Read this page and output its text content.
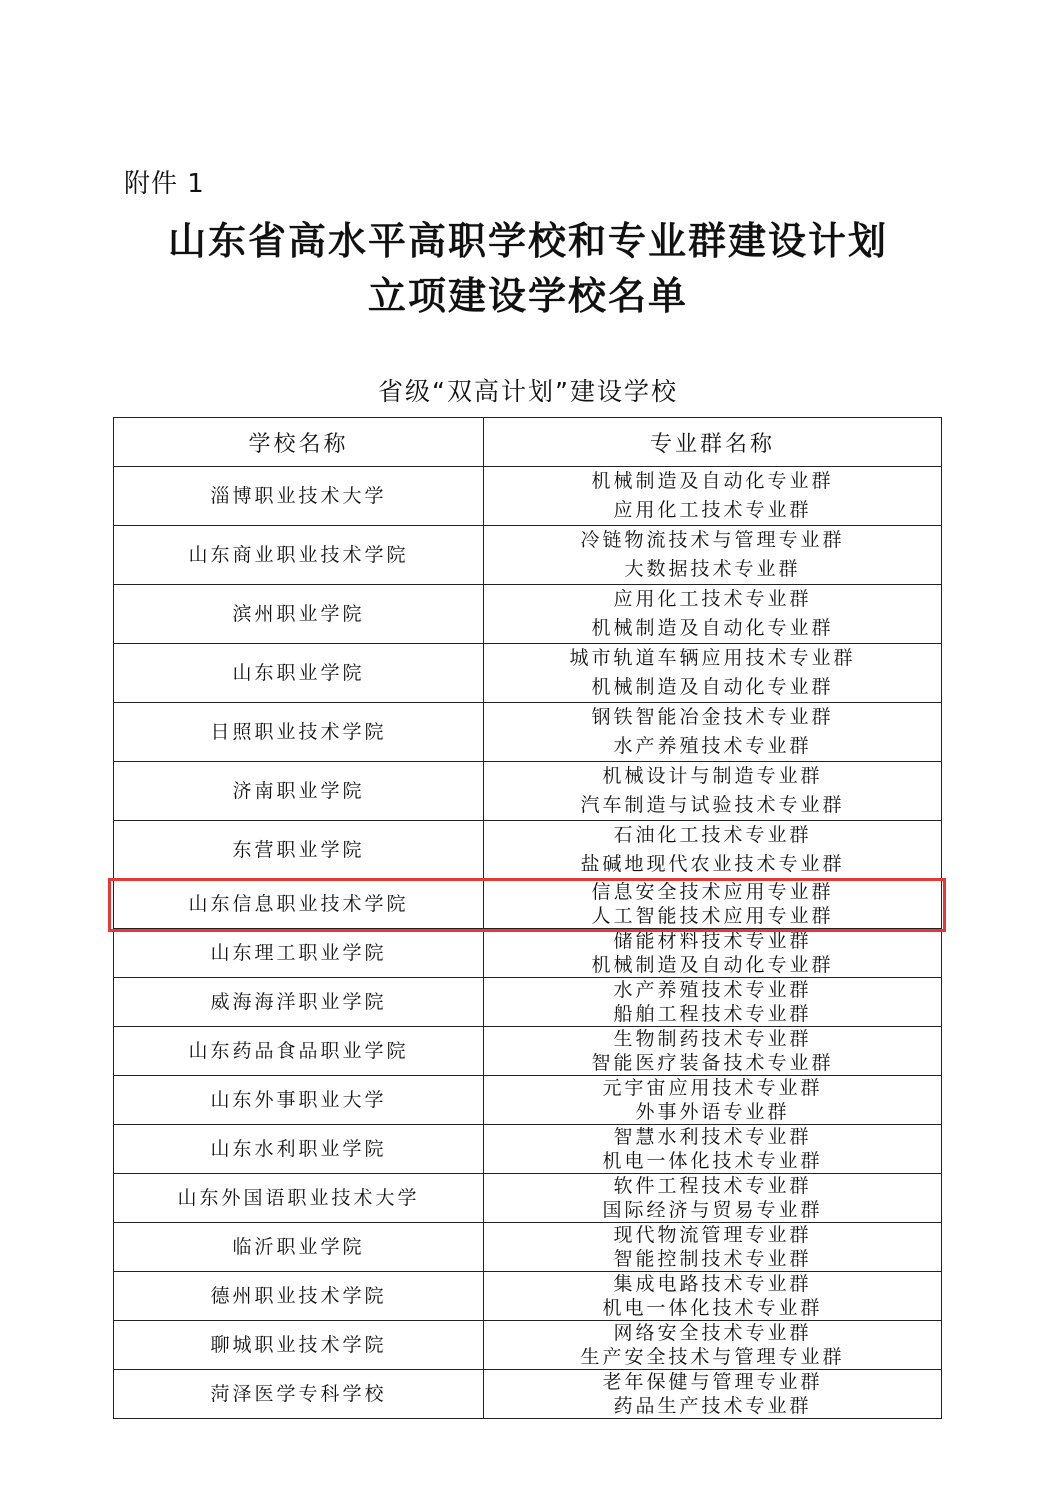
附件 1
山东省高水平高职学校和专业群建设计划
立项建设学校名单
省级“双高计划”建设学校
学校名称	专业群名称
淄博职业技术大学	机械制造及自动化专业群
应用化工技术专业群

山东商业职业技术学院	冷链物流技术与管理专业群
大数据技术专业群

滨州职业学院	应用化工技术专业群
机械制造及自动化专业群

山东职业学院	城市轨道车辆应用技术专业群
机械制造及自动化专业群

日照职业技术学院	钢铁智能冶金技术专业群
水产养殖技术专业群

济南职业学院	机械设计与制造专业群
汽车制造与试验技术专业群

东营职业学院	石油化工技术专业群
盐碱地现代农业技术专业群

山东信息职业技术学院	信息安全技术应用专业群
人工智能技术应用专业群

山东理工职业学院	储能材料技术专业群
机械制造及自动化专业群

威海海洋职业学院	水产养殖技术专业群
船舶工程技术专业群

山东药品食品职业学院	生物制药技术专业群
智能医疗装备技术专业群

山东外事职业大学	元宇宙应用技术专业群
外事外语专业群

山东水利职业学院	智慧水利技术专业群
机电一体化技术专业群

山东外国语职业技术大学	软件工程技术专业群
国际经济与贸易专业群

临沂职业学院	现代物流管理专业群
智能控制技术专业群

德州职业技术学院	集成电路技术专业群
机电一体化技术专业群

聊城职业技术学院	网络安全技术专业群
生产安全技术与管理专业群

菏泽医学专科学校	老年保健与管理专业群
药品生产技术专业群
